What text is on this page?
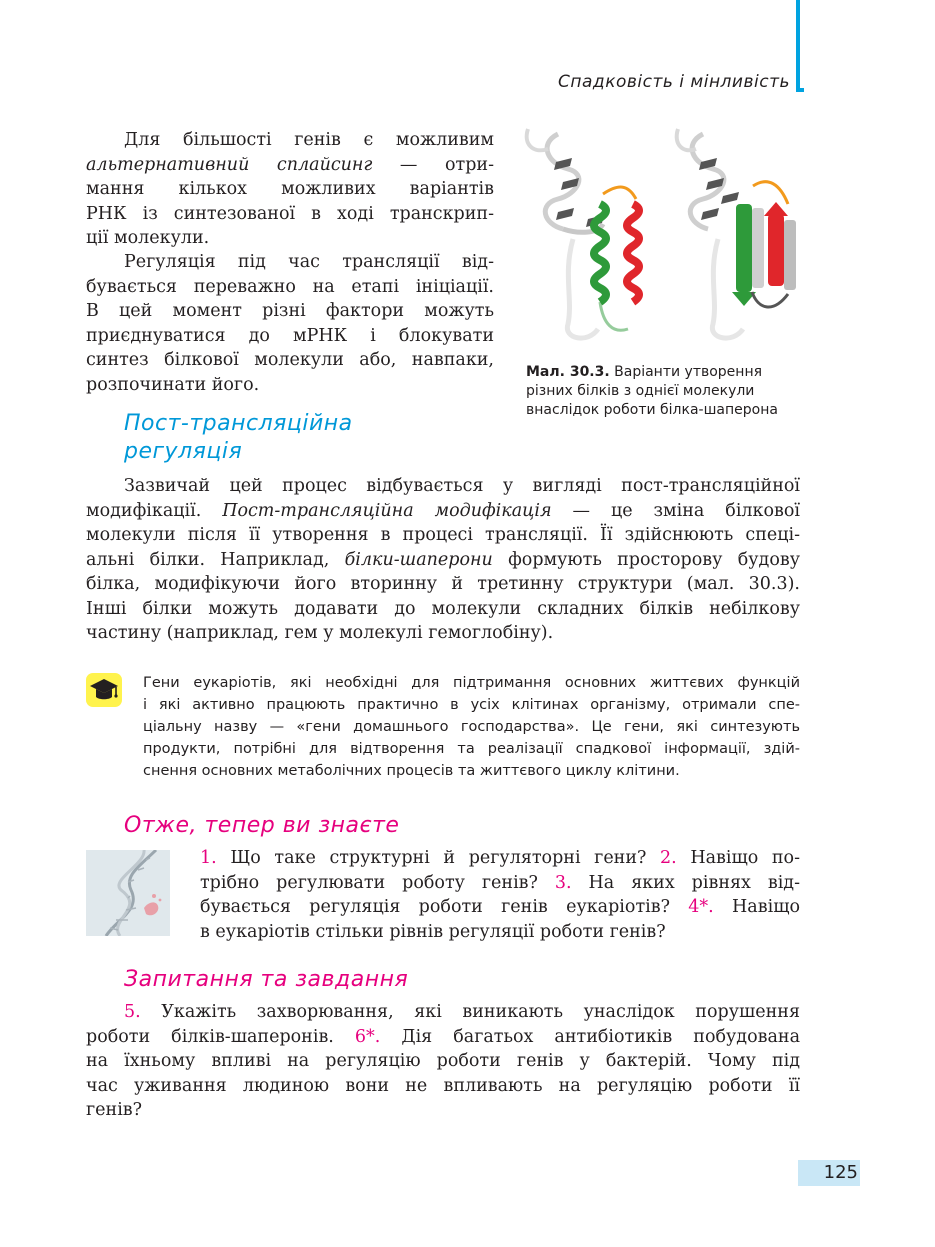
Спадковість і мінливість
Для більшості генів є можливим
альтернативний сплайсинг — отри-
мання кількох можливих варіантів
РНК із синтезованої в ході транскрип-
ції молекули.
Регуляція під час трансляції від-
бувається переважно на етапі ініціації.
В цей момент різні фактори можуть
приєднуватися до мРНК і блокувати
синтез білкової молекули або, навпаки,
розпочинати його.
Мал. 30.3. Варіанти утворення
різних білків з однієї молекули
внаслідок роботи білка-шаперона
Пост-трансляційна
регуляція
Зазвичай цей процес відбувається у вигляді пост-трансляційної
модифікації. Пост-трансляційна модифікація — це зміна білкової
молекули після її утворення в процесі трансляції. Її здійснюють спеці-
альні білки. Наприклад, білки-шаперони формують просторову будову
білка, модифікуючи його вторинну й третинну структури (мал. 30.3).
Інші білки можуть додавати до молекули складних білків небілкову
частину (наприклад, гем у молекулі гемоглобіну).
Гени еукаріотів, які необхідні для підтримання основних життєвих функцій
і які активно працюють практично в усіх клітинах організму, отримали спе-
ціальну назву — «гени домашнього господарства». Це гени, які синтезують
продукти, потрібні для відтворення та реалізації спадкової інформації, здій-
снення основних метаболічних процесів та життєвого циклу клітини.
Отже, тепер ви знаєте
1. Що таке структурні й регуляторні гени? 2. Навіщо по-
трібно регулювати роботу генів? 3. На яких рівнях від-
бувається регуляція роботи генів еукаріотів? 4*. Навіщо
в еукаріотів стільки рівнів регуляції роботи генів?
Запитання та завдання
5. Укажіть захворювання, які виникають унаслідок порушення
роботи білків-шаперонів. 6*. Дія багатьох антибіотиків побудована
на їхньому впливі на регуляцію роботи генів у бактерій. Чому під
час уживання людиною вони не впливають на регуляцію роботи її
генів?
125
